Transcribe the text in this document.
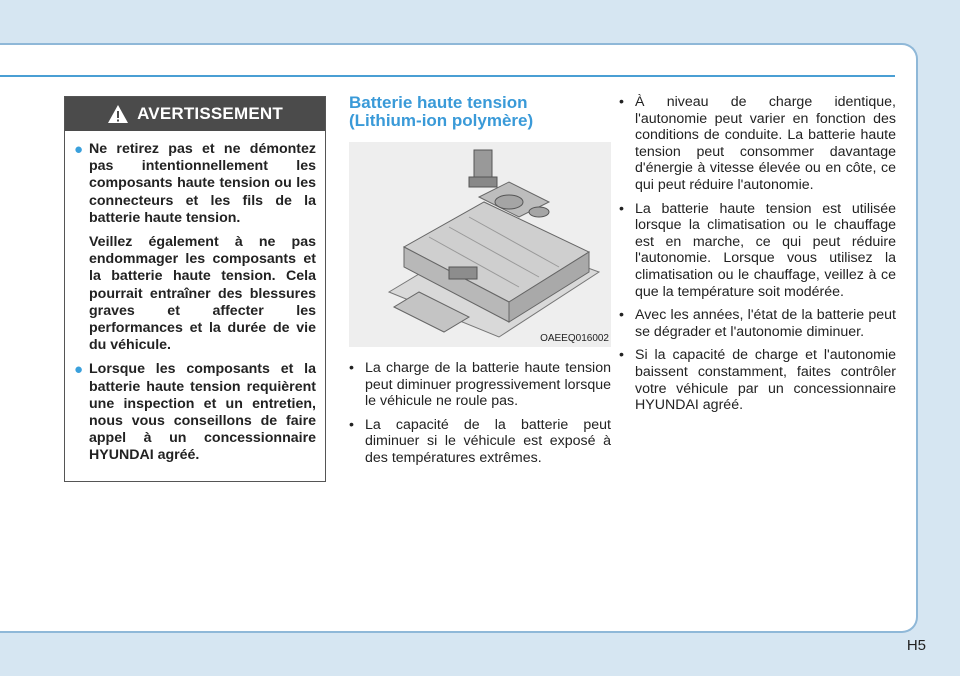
AVERTISSEMENT
● Ne retirez pas et ne démontez pas intentionnellement les composants haute tension ou les connecteurs et les fils de la batterie haute tension.
Veillez également à ne pas endommager les composants et la batterie haute tension. Cela pourrait entraîner des blessures graves et affecter les performances et la durée de vie du véhicule.
● Lorsque les composants et la batterie haute tension requièrent une inspection et un entretien, nous vous conseillons de faire appel à un concessionnaire HYUNDAI agréé.
Batterie haute tension
(Lithium-ion polymère)
OAEEQ016002
• La charge de la batterie haute tension peut diminuer progressivement lorsque le véhicule ne roule pas.
• La capacité de la batterie peut diminuer si le véhicule est exposé à des températures extrêmes.
• À niveau de charge identique, l'autonomie peut varier en fonction des conditions de conduite. La batterie haute tension peut consommer davantage d'énergie à vitesse élevée ou en côte, ce qui peut réduire l'autonomie.
• La batterie haute tension est utilisée lorsque la climatisation ou le chauffage est en marche, ce qui peut réduire l'autonomie. Lorsque vous utilisez la climatisation ou le chauffage, veillez à ce que la température soit modérée.
• Avec les années, l'état de la batterie peut se dégrader et l'autonomie diminuer.
• Si la capacité de charge et l'autonomie baissent constamment, faites contrôler votre véhicule par un concessionnaire HYUNDAI agréé.
H5
